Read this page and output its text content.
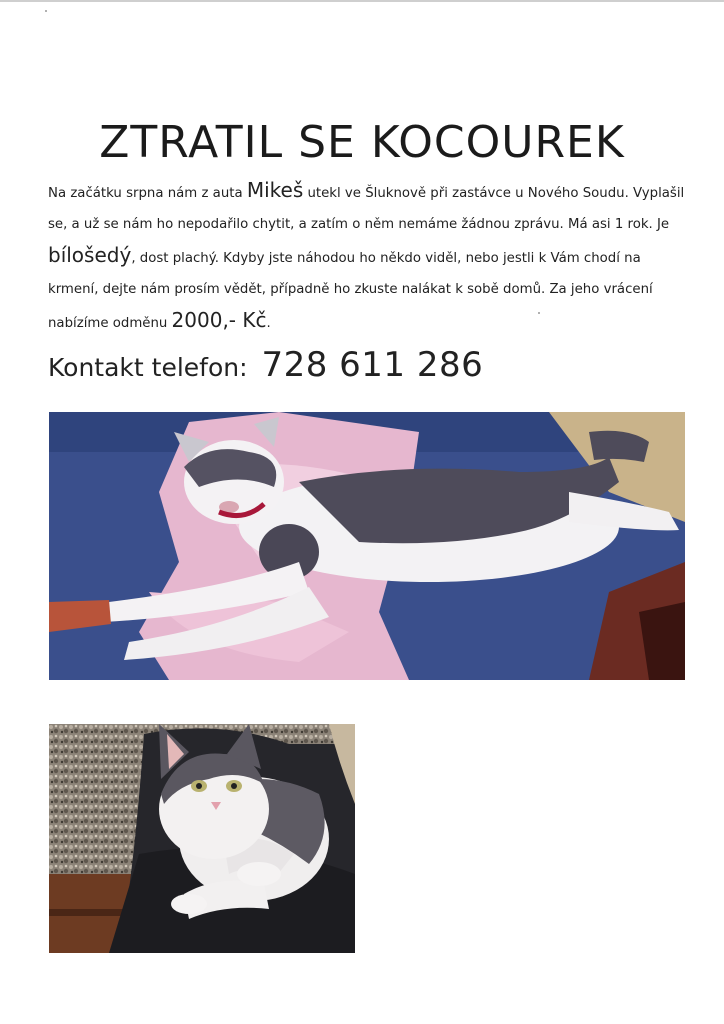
ZTRATIL SE KOCOUREK
Na začátku srpna nám z auta Mikeš utekl ve Šluknově při zastávce u Nového Soudu. Vyplašil se, a už se nám ho nepodařilo chytit, a zatím o něm nemáme žádnou zprávu. Má asi 1 rok. Je bílošedý, dost plachý. Kdyby jste náhodou ho někdo viděl, nebo jestli k Vám chodí na krmení, dejte nám prosím vědět, případně ho zkuste nalákat k sobě domů. Za jeho vrácení nabízíme odměnu 2000,- Kč.
Kontakt telefon: 728 611 286
